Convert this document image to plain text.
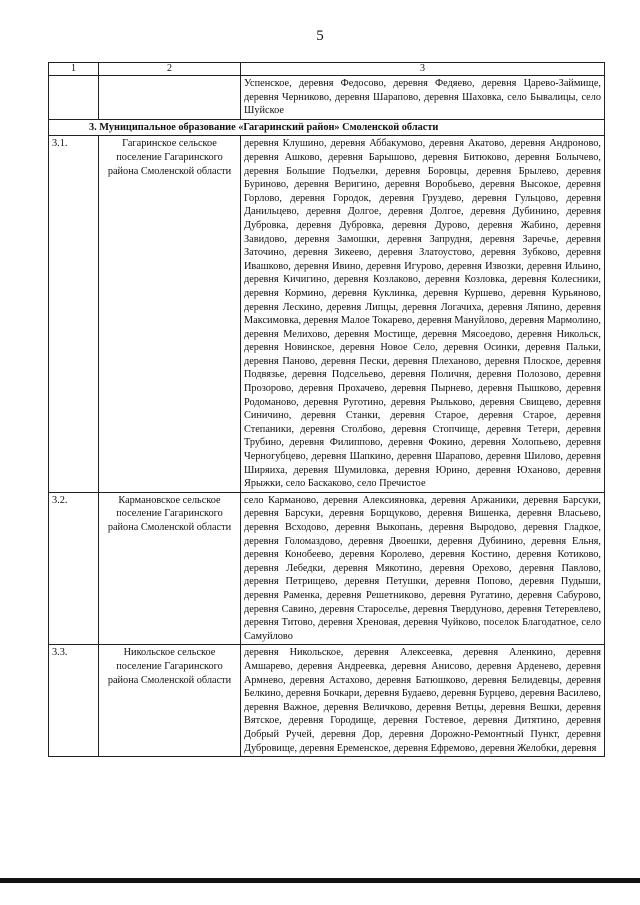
5
1	2	3
		Успенское, деревня Федосово, деревня Федяево, деревня Царево-Займище, деревня Черниково, деревня Шарапово, деревня Шаховка, село Бывалицы, село Шуйское
3. Муниципальное образование «Гагаринский район» Смоленской области		
3.1.	Гагаринское сельское поселение Гагаринского района Смоленской области	деревня Клушино, деревня Аббакумово, деревня Акатово, деревня Андроново, деревня Ашково, деревня Барышово, деревня Битюково, деревня Болычево, деревня Большие Подъелки, деревня Боровцы, деревня Брылево, деревня Буриново, деревня Веригино, деревня Воробьево, деревня Высокое, деревня Горлово, деревня Городок, деревня Груздево, деревня Гульцово, деревня Данильцево, деревня Долгое, деревня Долгое, деревня Дубинино, деревня Дубровка, деревня Дубровка, деревня Дурово, деревня Жабино, деревня Завидово, деревня Замошки, деревня Запрудня, деревня Заречье, деревня Заточино, деревня Зикеево, деревня Златоустово, деревня Зубково, деревня Ивашково, деревня Ивино, деревня Игурово, деревня Извозки, деревня Ильино, деревня Кичигино, деревня Козлаково, деревня Козловка, деревня Колесники, деревня Кормино, деревня Куклинка, деревня Куршево, деревня Курьяново, деревня Лескино, деревня Липцы, деревня Логачиха, деревня Ляпино, деревня Максимовка, деревня Малое Токарево, деревня Мануйлово, деревня Мармолино, деревня Мелихово, деревня Мостище, деревня Мясоедово, деревня Никольск, деревня Новинское, деревня Новое Село, деревня Осинки, деревня Пальки, деревня Паново, деревня Пески, деревня Плеханово, деревня Плоское, деревня Подвязье, деревня Подсельево, деревня Поличня, деревня Полозово, деревня Прозорово, деревня Прохачево, деревня Пырнево, деревня Пышково, деревня Родоманово, деревня Руготино, деревня Рыльково, деревня Свищево, деревня Синичино, деревня Станки, деревня Старое, деревня Старое, деревня Степаники, деревня Столбово, деревня Стопчище, деревня Тетери, деревня Трубино, деревня Филиппово, деревня Фокино, деревня Холопьево, деревня Черногубцево, деревня Шапкино, деревня Шарапово, деревня Шилово, деревня Ширяиха, деревня Шумиловка, деревня Юрино, деревня Юханово, деревня Ярыжки, село Баскаково, село Пречистое
3.2.	Кармановское сельское поселение Гагаринского района Смоленской области	село Карманово, деревня Алексияновка, деревня Аржаники, деревня Барсуки, деревня Барсуки, деревня Борщуково, деревня Вишенка, деревня Власьево, деревня Всходово, деревня Выкопань, деревня Выродово, деревня Гладкое, деревня Голомаздово, деревня Двоешки, деревня Дубинино, деревня Ельня, деревня Конобеево, деревня Королево, деревня Костино, деревня Котиково, деревня Лебедки, деревня Мякотино, деревня Орехово, деревня Павлово, деревня Петрищево, деревня Петушки, деревня Попово, деревня Пудыши, деревня Раменка, деревня Решетниково, деревня Ругатино, деревня Сабурово, деревня Савино, деревня Староселье, деревня Твердуново, деревня Тетеревлево, деревня Титово, деревня Хреновая, деревня Чуйково, поселок Благодатное, село Самуйлово
3.3.	Никольское сельское поселение Гагаринского района Смоленской области	деревня Никольское, деревня Алексеевка, деревня Аленкино, деревня Амшарево, деревня Андреевка, деревня Анисово, деревня Арденево, деревня Армнево, деревня Астахово, деревня Батюшково, деревня Белидевцы, деревня Белкино, деревня Бочкари, деревня Будаево, деревня Бурцево, деревня Василево, деревня Важное, деревня Величково, деревня Ветцы, деревня Вешки, деревня Вятское, деревня Городище, деревня Гостевое, деревня Дитятино, деревня Добрый Ручей, деревня Дор, деревня Дорожно-Ремонтный Пункт, деревня Дубровище, деревня Еременское, деревня Ефремово, деревня Желобки, деревня
